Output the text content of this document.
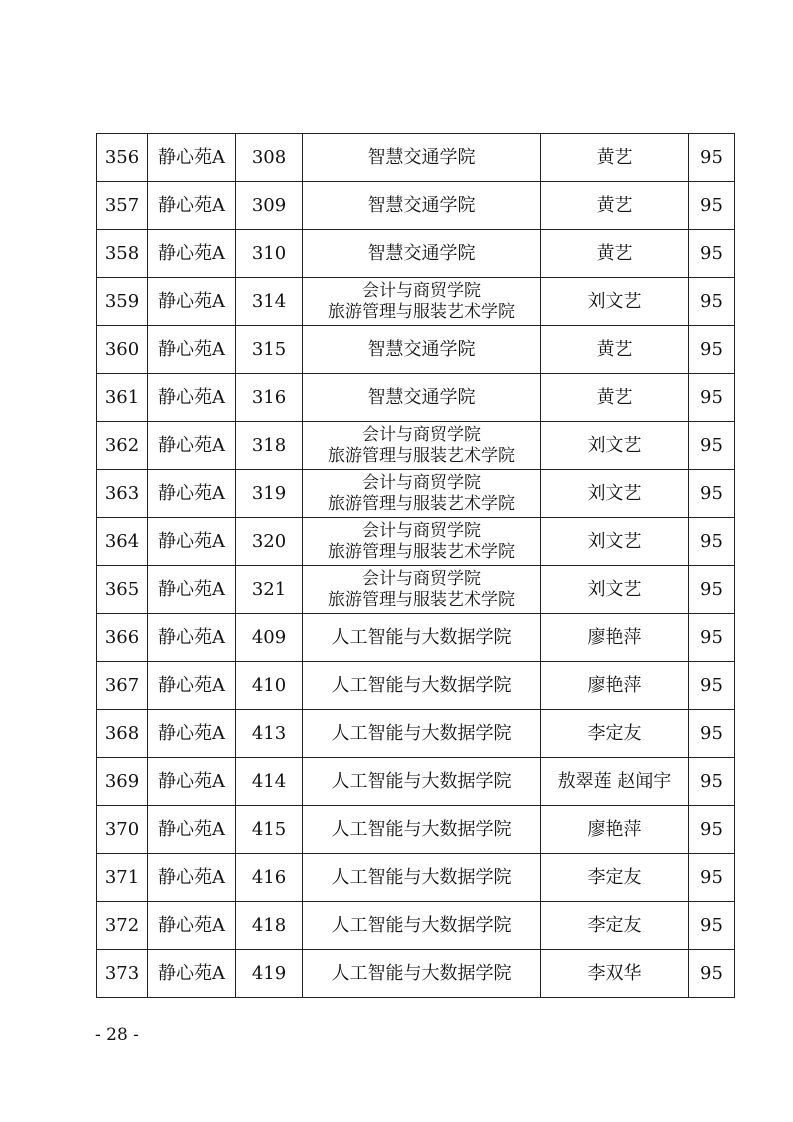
356	静心苑A	308	智慧交通学院	黄艺	95
357	静心苑A	309	智慧交通学院	黄艺	95
358	静心苑A	310	智慧交通学院	黄艺	95
359	静心苑A	314	会计与商贸学院
旅游管理与服装艺术学院	刘文艺	95
360	静心苑A	315	智慧交通学院	黄艺	95
361	静心苑A	316	智慧交通学院	黄艺	95
362	静心苑A	318	会计与商贸学院
旅游管理与服装艺术学院	刘文艺	95
363	静心苑A	319	会计与商贸学院
旅游管理与服装艺术学院	刘文艺	95
364	静心苑A	320	会计与商贸学院
旅游管理与服装艺术学院	刘文艺	95
365	静心苑A	321	会计与商贸学院
旅游管理与服装艺术学院	刘文艺	95
366	静心苑A	409	人工智能与大数据学院	廖艳萍	95
367	静心苑A	410	人工智能与大数据学院	廖艳萍	95
368	静心苑A	413	人工智能与大数据学院	李定友	95
369	静心苑A	414	人工智能与大数据学院	敖翠莲 赵闻宇	95
370	静心苑A	415	人工智能与大数据学院	廖艳萍	95
371	静心苑A	416	人工智能与大数据学院	李定友	95
372	静心苑A	418	人工智能与大数据学院	李定友	95
373	静心苑A	419	人工智能与大数据学院	李双华	95
- 28 -
